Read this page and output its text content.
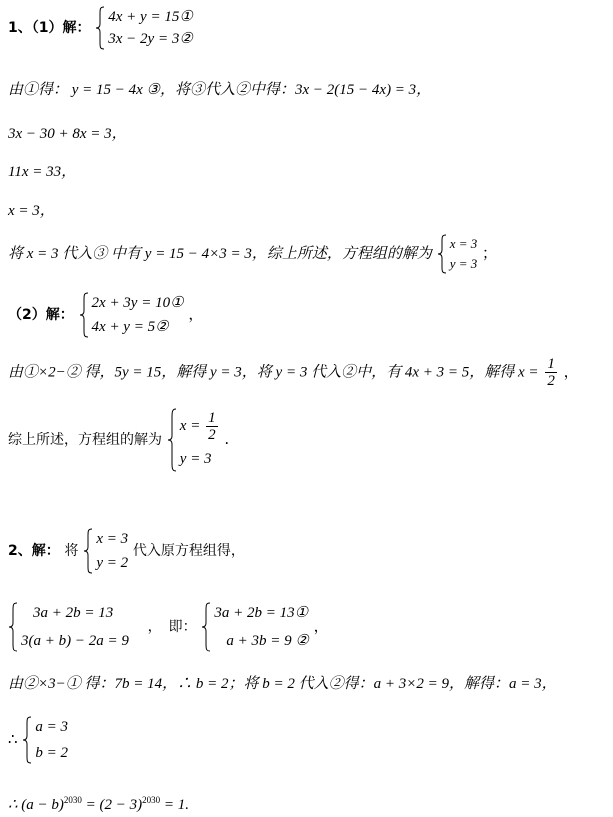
1、（1）解：
4x + y = 15①
3x − 2y = 3②
由①得： y = 15 − 4x ③，将③代入②中得：3x − 2(15 − 4x) = 3，
3x − 30 + 8x = 3，
11x = 33，
x = 3，
将 x = 3 代入③ 中有 y = 15 − 4×3 = 3，综上所述，方程组的解为
x = 3
y = 3
；
（2）解：
2x + 3y = 10①
4x + y = 5②
，
由①×2−② 得，5y = 15，解得 y = 3，将 y = 3 代入②中，有 4x + 3 = 5，解得 $x = \frac{1}{2}$ ，
综上所述，方程组的解为
$x = \frac{1}{2}$
y = 3
.
2、解： 将
x = 3
y = 2
代入原方程组得，
3a + 2b = 13
3(a + b) − 2a = 9
，　即：
3a + 2b = 13①
a + 3b = 9 ②
，
由②×3−① 得：7b = 14，∴ b = 2；将 b = 2 代入②得：a + 3×2 = 9，解得：a = 3，
∴
a = 3
b = 2
∴ $(a - b)^{2030} = (2 - 3)^{2030} = 1$.
